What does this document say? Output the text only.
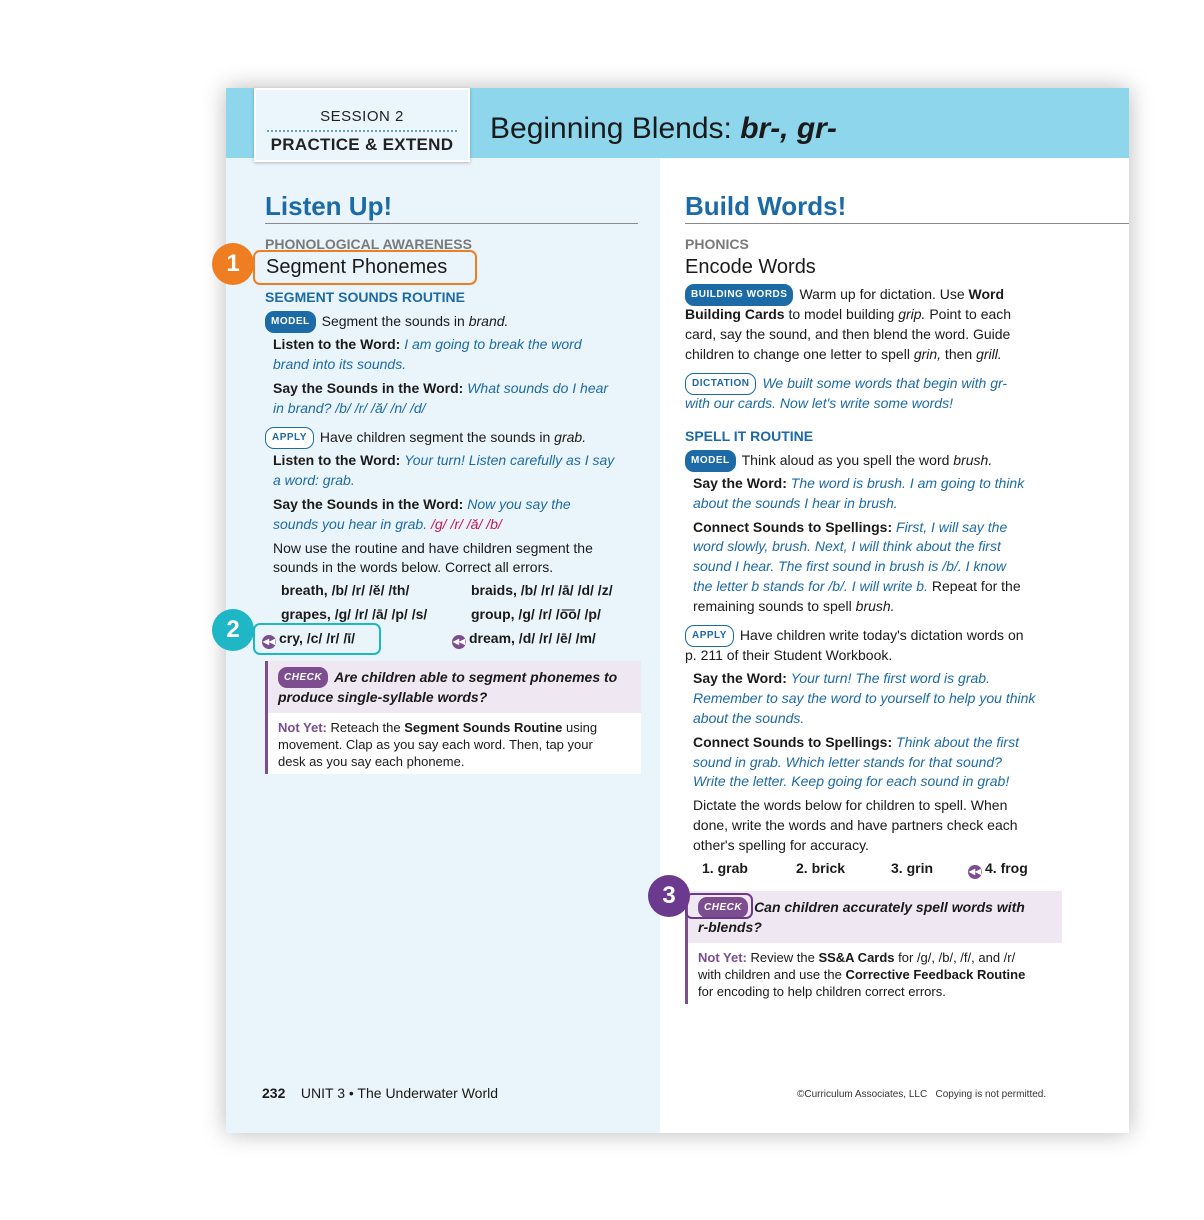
SESSION 2
PRACTICE & EXTEND	Beginning Blends: br-, gr-
Listen Up!
PHONOLOGICAL AWARENESS
Segment Phonemes
SEGMENT SOUNDS ROUTINE
MODEL Segment the sounds in brand.
Listen to the Word: I am going to break the word
brand into its sounds.
Say the Sounds in the Word: What sounds do I hear
in brand? /b/ /r/ /ă/ /n/ /d/
APPLY Have children segment the sounds in grab.
Listen to the Word: Your turn! Listen carefully as I say
a word: grab.
Say the Sounds in the Word: Now you say the
sounds you hear in grab. /g/ /r/ /ă/ /b/
Now use the routine and have children segment the
sounds in the words below. Correct all errors.
breath, /b/ /r/ /ĕ/ /th/	braids, /b/ /r/ /ā/ /d/ /z/
grapes, /g/ /r/ /ā/ /p/ /s/	group, /g/ /r/ /o͞o/ /p/
◀◀ cry, /c/ /r/ /ī/	◀◀ dream, /d/ /r/ /ē/ /m/
CHECK Are children able to segment phonemes to
produce single-syllable words?
Not Yet: Reteach the Segment Sounds Routine using
movement. Clap as you say each word. Then, tap your
desk as you say each phoneme.
Build Words!
PHONICS
Encode Words
BUILDING WORDS Warm up for dictation. Use Word
Building Cards to model building grip. Point to each
card, say the sound, and then blend the word. Guide
children to change one letter to spell grin, then grill.
DICTATION We built some words that begin with gr-
with our cards. Now let's write some words!
SPELL IT ROUTINE
MODEL Think aloud as you spell the word brush.
Say the Word: The word is brush. I am going to think
about the sounds I hear in brush.
Connect Sounds to Spellings: First, I will say the
word slowly, brush. Next, I will think about the first
sound I hear. The first sound in brush is /b/. I know
the letter b stands for /b/. I will write b. Repeat for the
remaining sounds to spell brush.
APPLY Have children write today's dictation words on
p. 211 of their Student Workbook.
Say the Word: Your turn! The first word is grab.
Remember to say the word to yourself to help you think
about the sounds.
Connect Sounds to Spellings: Think about the first
sound in grab. Which letter stands for that sound?
Write the letter. Keep going for each sound in grab!
Dictate the words below for children to spell. When
done, write the words and have partners check each
other's spelling for accuracy.
1. grab	2. brick	3. grin	◀◀ 4. frog
CHECK Can children accurately spell words with
r-blends?
Not Yet: Review the SS&A Cards for /g/, /b/, /f/, and /r/
with children and use the Corrective Feedback Routine
for encoding to help children correct errors.
1
2
3
232 UNIT 3 • The Underwater World	©Curriculum Associates, LLC   Copying is not permitted.
